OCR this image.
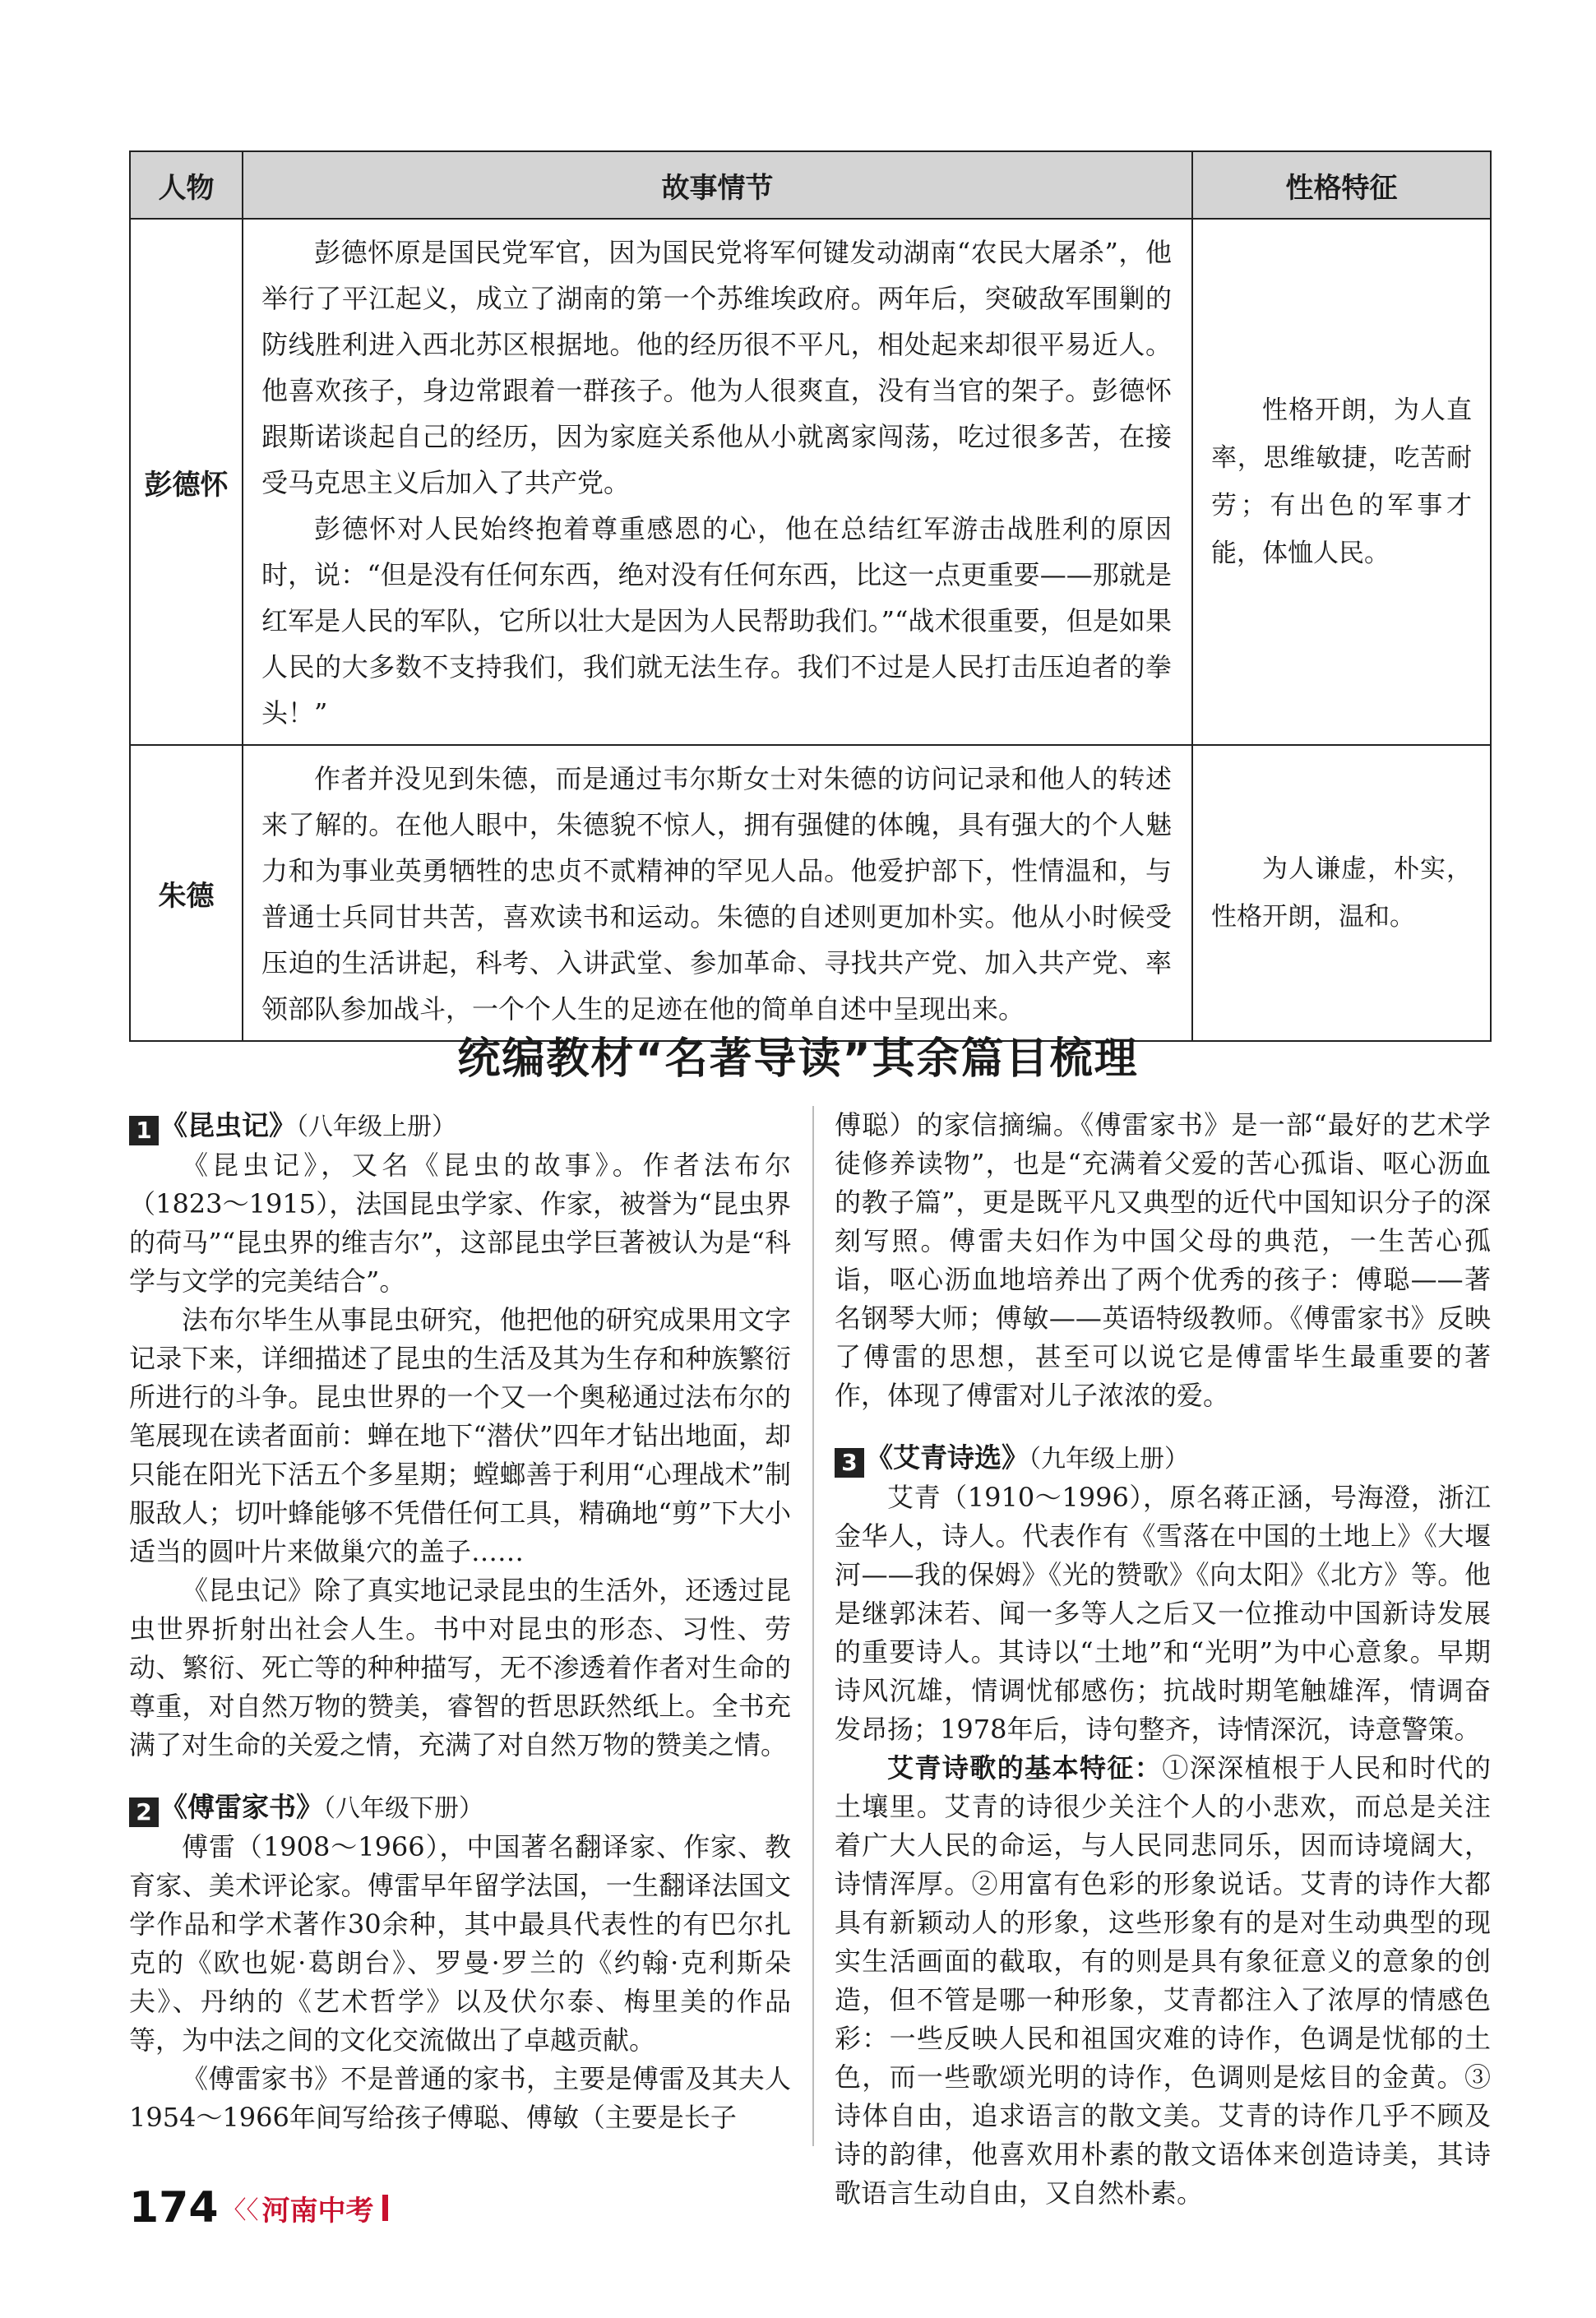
人物	故事情节	性格特征
彭德怀	彭德怀原是国民党军官，因为国民党将军何键发动湖南“农民大屠杀”，他举行了平江起义，成立了湖南的第一个苏维埃政府。两年后，突破敌军围剿的防线胜利进入西北苏区根据地。他的经历很不平凡，相处起来却很平易近人。他喜欢孩子，身边常跟着一群孩子。他为人很爽直，没有当官的架子。彭德怀跟斯诺谈起自己的经历，因为家庭关系他从小就离家闯荡，吃过很多苦，在接受马克思主义后加入了共产党。

彭德怀对人民始终抱着尊重感恩的心，他在总结红军游击战胜利的原因时，说：“但是没有任何东西，绝对没有任何东西，比这一点更重要——那就是红军是人民的军队，它所以壮大是因为人民帮助我们。”“战术很重要，但是如果人民的大多数不支持我们，我们就无法生存。我们不过是人民打击压迫者的拳头！”	性格开朗，为人直率，思维敏捷，吃苦耐劳；有出色的军事才能，体恤人民。

朱德	作者并没见到朱德，而是通过韦尔斯女士对朱德的访问记录和他人的转述来了解的。在他人眼中，朱德貌不惊人，拥有强健的体魄，具有强大的个人魅力和为事业英勇牺牲的忠贞不贰精神的罕见人品。他爱护部下，性情温和，与普通士兵同甘共苦，喜欢读书和运动。朱德的自述则更加朴实。他从小时候受压迫的生活讲起，科考、入讲武堂、参加革命、寻找共产党、加入共产党、率领部队参加战斗，一个个人生的足迹在他的简单自述中呈现出来。	为人谦虚，朴实，性格开朗，温和。

统编教材“名著导读”其余篇目梳理

1 《昆虫记》（八年级上册）

《昆虫记》，又名《昆虫的故事》。作者法布尔（1823～1915），法国昆虫学家、作家，被誉为“昆虫界的荷马”“昆虫界的维吉尔”，这部昆虫学巨著被认为是“科学与文学的完美结合”。

法布尔毕生从事昆虫研究，他把他的研究成果用文字记录下来，详细描述了昆虫的生活及其为生存和种族繁衍所进行的斗争。昆虫世界的一个又一个奥秘通过法布尔的笔展现在读者面前：蝉在地下“潜伏”四年才钻出地面，却只能在阳光下活五个多星期；螳螂善于利用“心理战术”制服敌人；切叶蜂能够不凭借任何工具，精确地“剪”下大小适当的圆叶片来做巢穴的盖子……

《昆虫记》除了真实地记录昆虫的生活外，还透过昆虫世界折射出社会人生。书中对昆虫的形态、习性、劳动、繁衍、死亡等的种种描写，无不渗透着作者对生命的尊重，对自然万物的赞美，睿智的哲思跃然纸上。全书充满了对生命的关爱之情，充满了对自然万物的赞美之情。

2 《傅雷家书》（八年级下册）

傅雷（1908～1966），中国著名翻译家、作家、教育家、美术评论家。傅雷早年留学法国，一生翻译法国文学作品和学术著作30余种，其中最具代表性的有巴尔扎克的《欧也妮·葛朗台》、罗曼·罗兰的《约翰·克利斯朵夫》、丹纳的《艺术哲学》以及伏尔泰、梅里美的作品等，为中法之间的文化交流做出了卓越贡献。

《傅雷家书》不是普通的家书，主要是傅雷及其夫人1954～1966年间写给孩子傅聪、傅敏（主要是长子

傅聪）的家信摘编。《傅雷家书》是一部“最好的艺术学徒修养读物”，也是“充满着父爱的苦心孤诣、呕心沥血的教子篇”，更是既平凡又典型的近代中国知识分子的深刻写照。傅雷夫妇作为中国父母的典范，一生苦心孤诣，呕心沥血地培养出了两个优秀的孩子：傅聪——著名钢琴大师；傅敏——英语特级教师。《傅雷家书》反映了傅雷的思想，甚至可以说它是傅雷毕生最重要的著作，体现了傅雷对儿子浓浓的爱。

3 《艾青诗选》（九年级上册）

艾青（1910～1996），原名蒋正涵，号海澄，浙江金华人，诗人。代表作有《雪落在中国的土地上》《大堰河——我的保姆》《光的赞歌》《向太阳》《北方》等。他是继郭沫若、闻一多等人之后又一位推动中国新诗发展的重要诗人。其诗以“土地”和“光明”为中心意象。早期诗风沉雄，情调忧郁感伤；抗战时期笔触雄浑，情调奋发昂扬；1978年后，诗句整齐，诗情深沉，诗意警策。

艾青诗歌的基本特征：①深深植根于人民和时代的土壤里。艾青的诗很少关注个人的小悲欢，而总是关注着广大人民的命运，与人民同悲同乐，因而诗境阔大，诗情浑厚。②用富有色彩的形象说话。艾青的诗作大都具有新颖动人的形象，这些形象有的是对生动典型的现实生活画面的截取，有的则是具有象征意义的意象的创造，但不管是哪一种形象，艾青都注入了浓厚的情感色彩：一些反映人民和祖国灾难的诗作，色调是忧郁的土色，而一些歌颂光明的诗作，色调则是炫目的金黄。③诗体自由，追求语言的散文美。艾青的诗作几乎不顾及诗的韵律，他喜欢用朴素的散文语体来创造诗美，其诗歌语言生动自由，又自然朴素。

174 〈〈 河南中考
